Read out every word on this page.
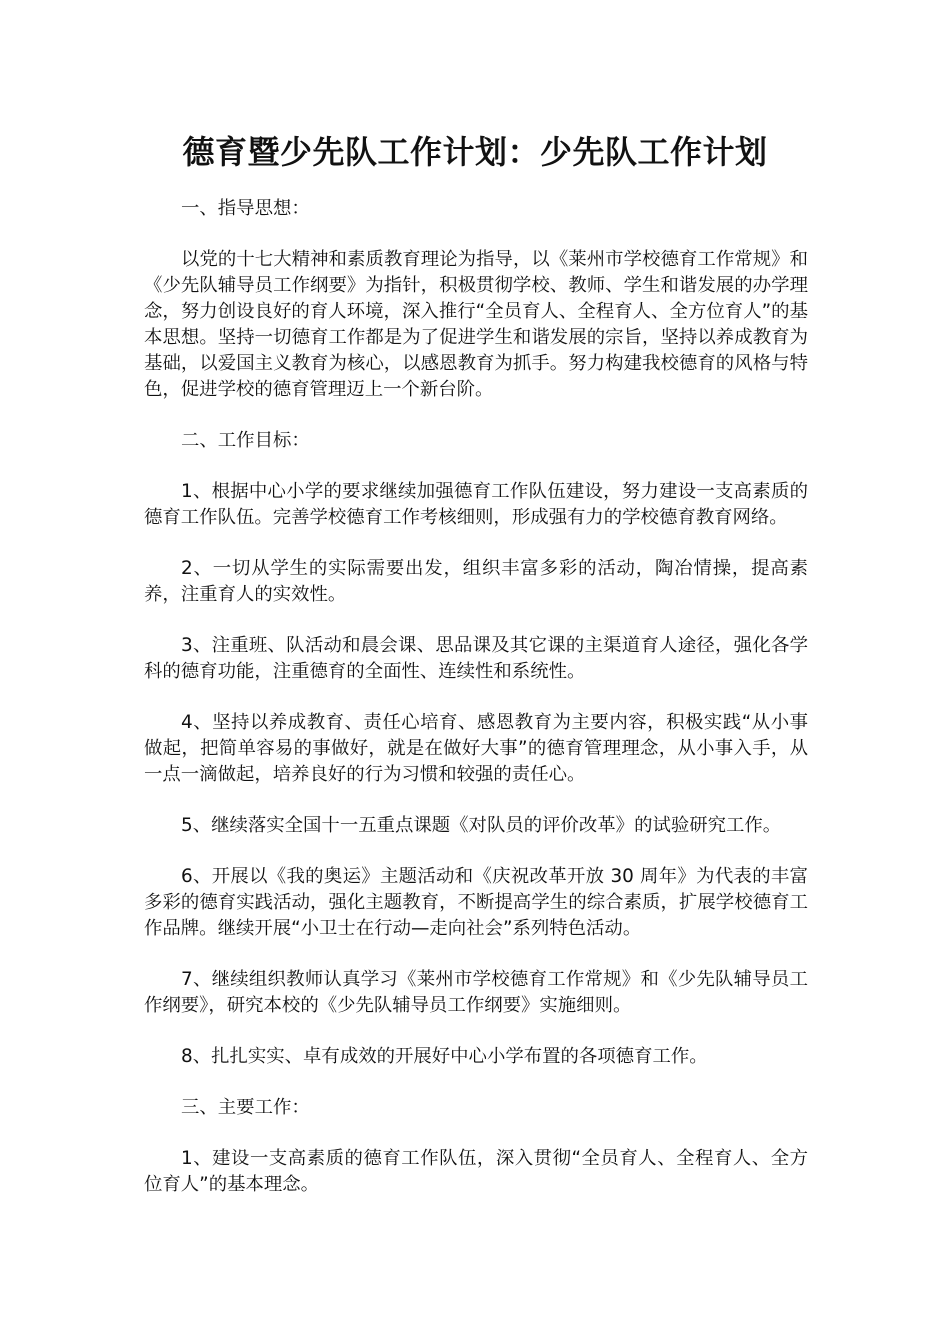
德育暨少先队工作计划：少先队工作计划

一、指导思想：

以党的十七大精神和素质教育理论为指导，以《莱州市学校德育工作常规》和《少先队辅导员工作纲要》为指针，积极贯彻学校、教师、学生和谐发展的办学理念，努力创设良好的育人环境，深入推行“全员育人、全程育人、全方位育人”的基本思想。坚持一切德育工作都是为了促进学生和谐发展的宗旨，坚持以养成教育为基础，以爱国主义教育为核心，以感恩教育为抓手。努力构建我校德育的风格与特色，促进学校的德育管理迈上一个新台阶。

二、工作目标：

1、根据中心小学的要求继续加强德育工作队伍建设，努力建设一支高素质的德育工作队伍。完善学校德育工作考核细则，形成强有力的学校德育教育网络。

2、一切从学生的实际需要出发，组织丰富多彩的活动，陶冶情操，提高素养，注重育人的实效性。

3、注重班、队活动和晨会课、思品课及其它课的主渠道育人途径，强化各学科的德育功能，注重德育的全面性、连续性和系统性。

4、坚持以养成教育、责任心培育、感恩教育为主要内容，积极实践“从小事做起，把简单容易的事做好，就是在做好大事”的德育管理理念，从小事入手，从一点一滴做起，培养良好的行为习惯和较强的责任心。

5、继续落实全国十一五重点课题《对队员的评价改革》的试验研究工作。

6、开展以《我的奥运》主题活动和《庆祝改革开放 30 周年》为代表的丰富多彩的德育实践活动，强化主题教育，不断提高学生的综合素质，扩展学校德育工作品牌。继续开展“小卫士在行动—走向社会”系列特色活动。

7、继续组织教师认真学习《莱州市学校德育工作常规》和《少先队辅导员工作纲要》，研究本校的《少先队辅导员工作纲要》实施细则。

8、扎扎实实、卓有成效的开展好中心小学布置的各项德育工作。

三、主要工作：

1、建设一支高素质的德育工作队伍，深入贯彻“全员育人、全程育人、全方位育人”的基本理念。
